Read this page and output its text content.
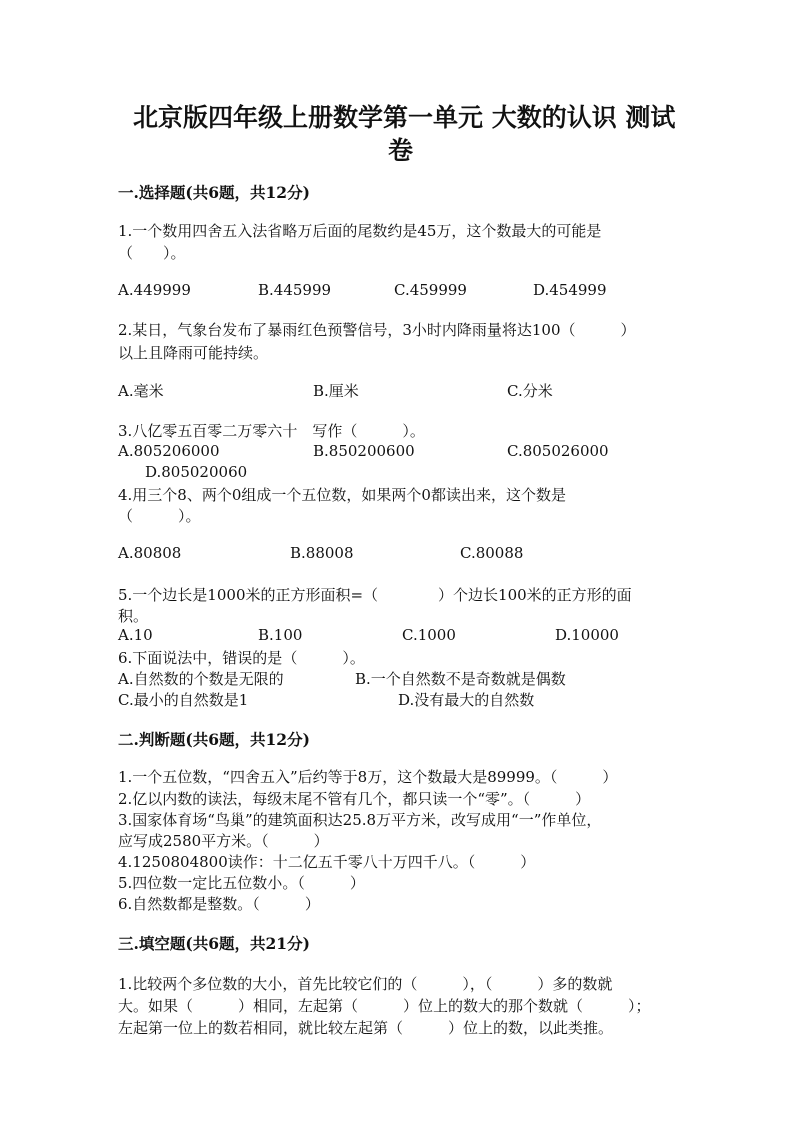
北京版四年级上册数学第一单元 大数的认识 测试
卷
一.选择题(共6题，共12分)
1.一个数用四舍五入法省略万后面的尾数约是45万，这个数最大的可能是
（　　）。
A.449999	B.445999	C.459999	D.454999
2.某日，气象台发布了暴雨红色预警信号，3小时内降雨量将达100（　　　）
以上且降雨可能持续。
A.毫米	B.厘米	C.分米
3.八亿零五百零二万零六十　写作（　　　）。
A.805206000	B.850200600	C.805026000
D.805020060
4.用三个8、两个0组成一个五位数，如果两个0都读出来，这个数是
（　　　）。
A.80808	B.88008	C.80088
5.一个边长是1000米的正方形面积=（　　　　）个边长100米的正方形的面
积。
A.10	B.100	C.1000	D.10000
6.下面说法中，错误的是（　　　）。
A.自然数的个数是无限的	B.一个自然数不是奇数就是偶数
C.最小的自然数是1	D.没有最大的自然数
二.判断题(共6题，共12分)
1.一个五位数，“四舍五入”后约等于8万，这个数最大是89999。（　　　）
2.亿以内数的读法，每级末尾不管有几个，都只读一个“零”。（　　　）
3.国家体育场“鸟巢”的建筑面积达25.8万平方米，改写成用“一”作单位，
应写成2580平方米。（　　　）
4.1250804800读作：十二亿五千零八十万四千八。（　　　）
5.四位数一定比五位数小。（　　　）
6.自然数都是整数。（　　　）
三.填空题(共6题，共21分)
1.比较两个多位数的大小，首先比较它们的（　　　），（　　　）多的数就
大。如果（　　　）相同，左起第（　　　）位上的数大的那个数就（　　　）；
左起第一位上的数若相同，就比较左起第（　　　）位上的数，以此类推。
